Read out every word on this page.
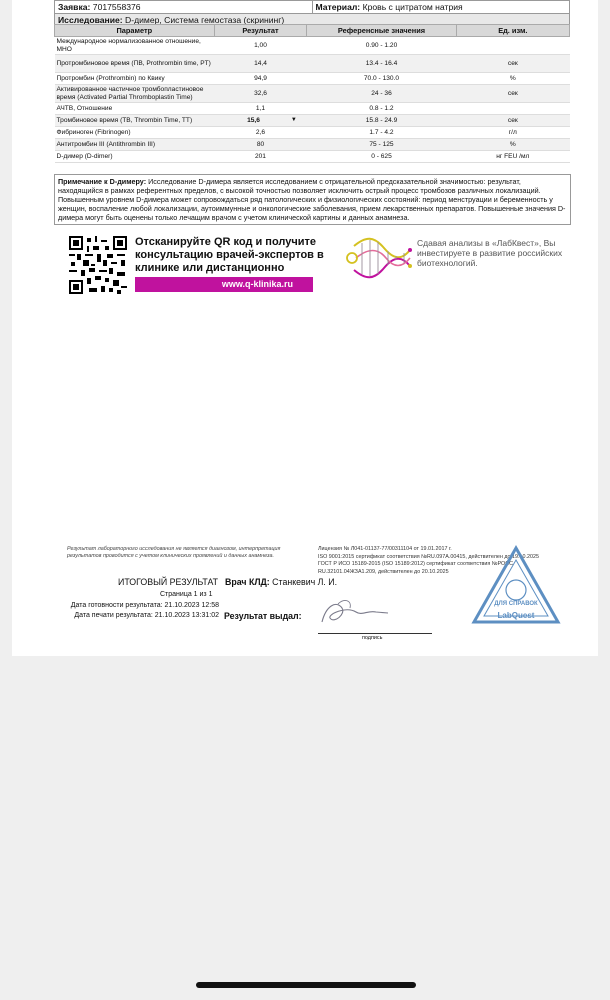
Заявка: 7017558376	Материал: Кровь с цитратом натрия
Исследование: D-димер, Система гемостаза (скрининг)
Параметр	Результат	Референсные значения	Ед. изм.
Международное нормализованное отношение, МНО	1,00	0.90 - 1.20	
Протромбиновое время (ПВ, Prothrombin time, PT)	14,4	13.4 - 16.4	сек
Протромбин (Prothrombin) по Квику	94,9	70.0 - 130.0	%
Активированное частичное тромбопластиновое время (Activated Partial Thromboplastin Time)	32,6	24 - 36	сек
АЧТВ, Отношение	1,1	0.8 - 1.2	
Тромбиновое время (ТВ, Thrombin Time, TT)	15,6 ▼	15.8 - 24.9	сек
Фибриноген (Fibrinogen)	2,6	1.7 - 4.2	г/л
Антитромбин III (Antithrombin III)	80	75 - 125	%
D-димер (D-dimer)	201	0 - 625	нг FEU /мл
Примечание к D-димеру: Исследование D-димера является исследованием с отрицательной предсказательной значимостью: результат, находящийся в рамках референтных пределов, с высокой точностью позволяет исключить острый процесс тромбозов различных локализаций. Повышенным уровнем D-димера может сопровождаться ряд патологических и физиологических состояний: период менструации и беременность у женщин, воспаление любой локализации, аутоиммунные и онкологические заболевания, прием лекарственных препаратов. Повышенные значения D-димера могут быть оценены только лечащим врачом с учетом клинической картины и данных анамнеза.
Отсканируйте QR код и получите консультацию врачей-экспертов в клинике или дистанционно
www.q-klinika.ru
Сдавая анализы в «ЛабКвест», Вы инвестируете в развитие российских биотехнологий.
Результат лабораторного исследования не является диагнозом, интерпретация результатов проводится с учетом клинических проявлений и данных анамнеза.
Лицензия № Л041-01137-77/00311104 от 19.01.2017 г.
ISO 9001:2015 сертификат соответствия №RU.097A.00415, действителен до 19.10.2025
ГОСТ Р ИСО 15189-2015 (ISO 15189:2012) сертификат соответствия №РОСС
RU.32101.04ЖЗА1.209, действителен до 20.10.2025
ИТОГОВЫЙ РЕЗУЛЬТАТ Врач КЛД: Станкевич Л. И.
Страница 1 из 1
Дата готовности результата: 21.10.2023 12:58
Дата печати результата: 21.10.2023 13:31:02 Результат выдал:
подпись
ДЛЯ СПРАВОК
LabQuest
